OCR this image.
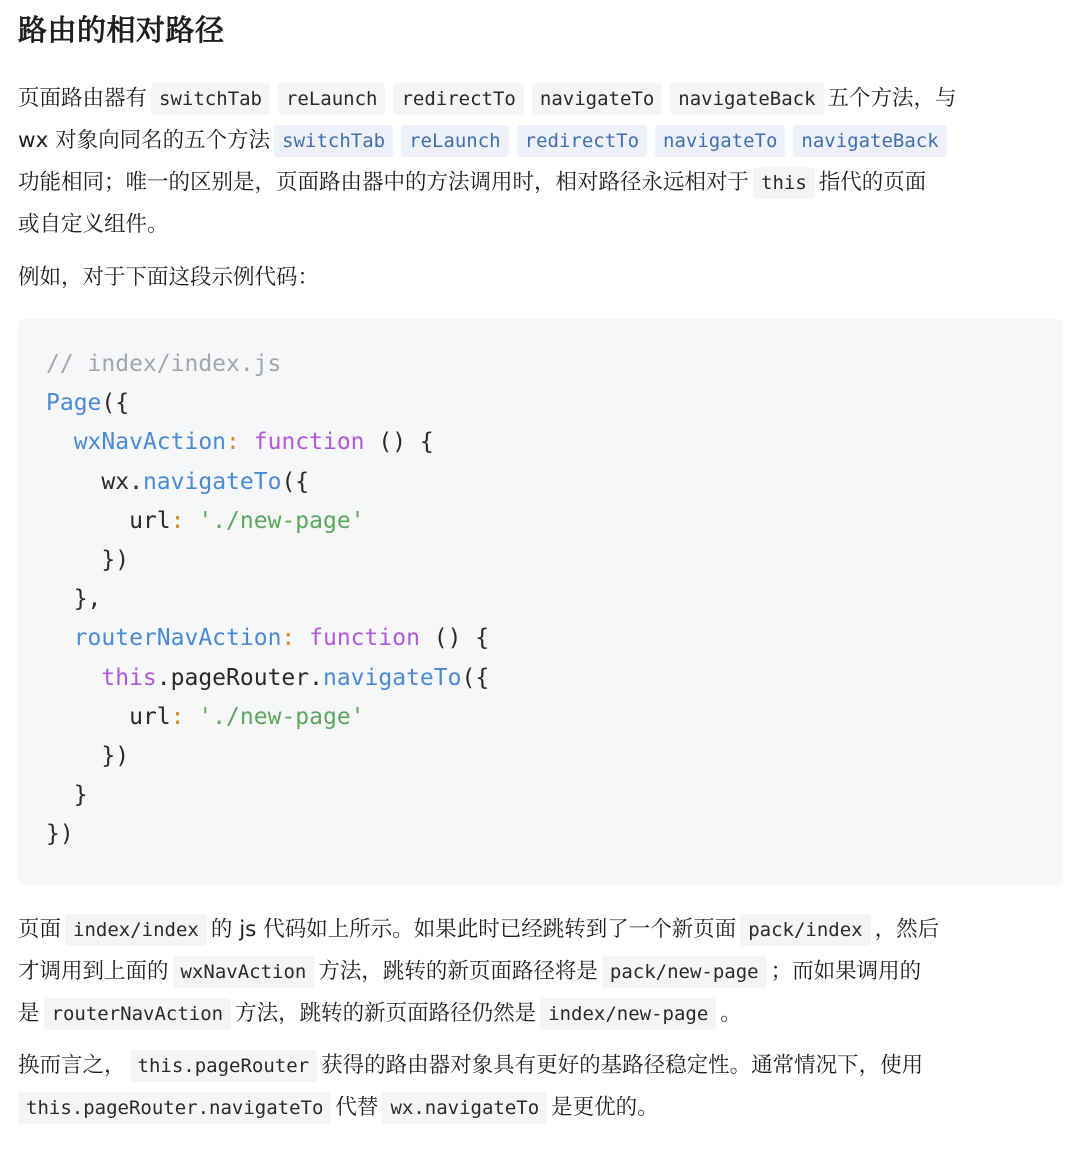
路由的相对路径

页面路由器有 switchTab reLaunch redirectTo navigateTo navigateBack 五个方法，与
wx 对象向同名的五个方法 switchTab reLaunch redirectTo navigateTo navigateBack
功能相同；唯一的区别是，页面路由器中的方法调用时，相对路径永远相对于 this 指代的页面
或自定义组件。

例如，对于下面这段示例代码：

// index/index.js
Page({
wxNavAction: function () {
wx.navigateTo({
url: './new-page'
})
},
routerNavAction: function () {
this.pageRouter.navigateTo({
url: './new-page'
})
}
})

页面 index/index 的 js 代码如上所示。如果此时已经跳转到了一个新页面 pack/index ，然后
才调用到上面的 wxNavAction 方法，跳转的新页面路径将是 pack/new-page ；而如果调用的
是 routerNavAction 方法，跳转的新页面路径仍然是 index/new-page 。

换而言之， this.pageRouter 获得的路由器对象具有更好的基路径稳定性。通常情况下，使用
this.pageRouter.navigateTo 代替 wx.navigateTo 是更优的。
